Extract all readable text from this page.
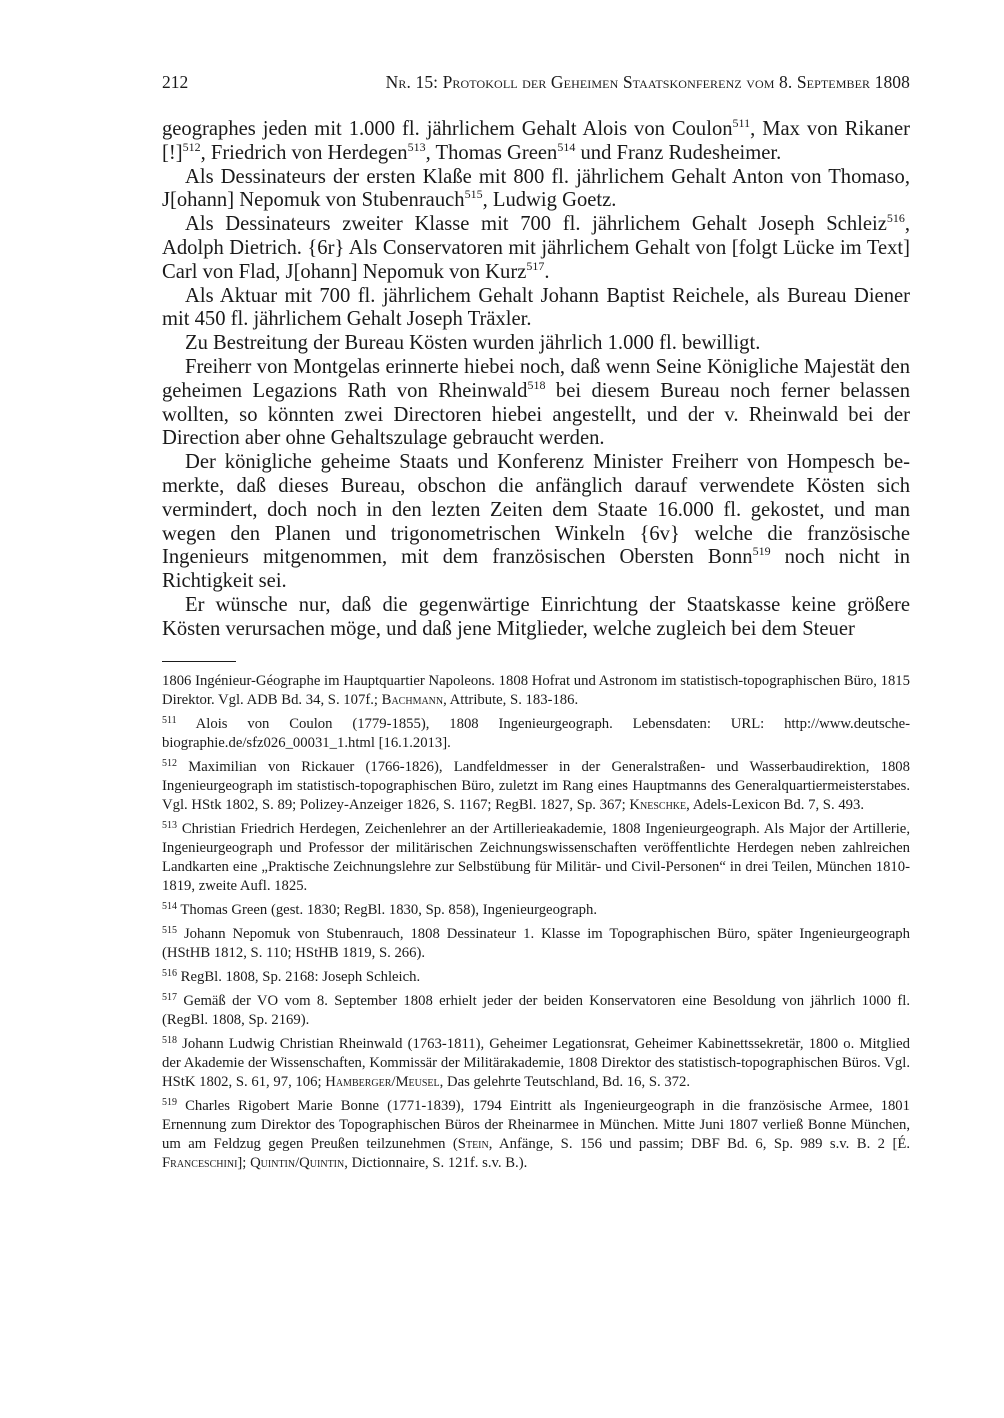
212	Nr. 15: Protokoll der Geheimen Staatskonferenz vom 8. September 1808

geographes jeden mit 1.000 fl. jährlichem Gehalt Alois von Coulon$^{511}$, Max von Rikaner [!]$^{512}$, Friedrich von Herdegen$^{513}$, Thomas Green$^{514}$ und Franz Rudesheimer.

Als Dessinateurs der ersten Klaße mit 800 fl. jährlichem Gehalt Anton von Thomaso, J[ohann] Nepomuk von Stubenrauch$^{515}$, Ludwig Goetz.

Als Dessinateurs zweiter Klasse mit 700 fl. jährlichem Gehalt Joseph Schleiz$^{516}$, Adolph Dietrich. {6r} Als Conservatoren mit jährlichem Gehalt von [folgt Lücke im Text] Carl von Flad, J[ohann] Nepomuk von Kurz$^{517}$.

Als Aktuar mit 700 fl. jährlichem Gehalt Johann Baptist Reichele, als Bureau Diener mit 450 fl. jährlichem Gehalt Joseph Träxler.

Zu Bestreitung der Bureau Kösten wurden jährlich 1.000 fl. bewilligt.

Freiherr von Montgelas erinnerte hiebei noch, daß wenn Seine Königliche Majestät den geheimen Legazions Rath von Rheinwald$^{518}$ bei diesem Bureau noch ferner belassen wollten, so könnten zwei Directoren hiebei angestellt, und der v. Rheinwald bei der Direction aber ohne Gehaltszulage gebraucht werden.

Der königliche geheime Staats und Konferenz Minister Freiherr von Hompesch bemerkte, daß dieses Bureau, obschon die anfänglich darauf verwendete Kösten sich vermindert, doch noch in den lezten Zeiten dem Staate 16.000 fl. gekostet, und man wegen den Planen und trigonometrischen Winkeln {6v} welche die französische Ingenieurs mitgenommen, mit dem französischen Obersten Bonn$^{519}$ noch nicht in Richtigkeit sei.

Er wünsche nur, daß die gegenwärtige Einrichtung der Staatskasse keine größere Kösten verursachen möge, und daß jene Mitglieder, welche zugleich bei dem Steuer

1806 Ingénieur-Géographe im Hauptquartier Napoleons. 1808 Hofrat und Astronom im statistisch-topographischen Büro, 1815 Direktor. Vgl. ADB Bd. 34, S. 107f.; Bachmann, Attribute, S. 183-186.

$^{511}$ Alois von Coulon (1779-1855), 1808 Ingenieurgeograph. Lebensdaten: URL: http://www.deutsche-biographie.de/sfz026_00031_1.html [16.1.2013].

$^{512}$ Maximilian von Rickauer (1766-1826), Landfeldmesser in der Generalstraßen- und Wasserbaudirektion, 1808 Ingenieurgeograph im statistisch-topographischen Büro, zuletzt im Rang eines Hauptmanns des Generalquartiermeisterstabes. Vgl. HStk 1802, S. 89; Polizey-Anzeiger 1826, S. 1167; RegBl. 1827, Sp. 367; Kneschke, Adels-Lexicon Bd. 7, S. 493.

$^{513}$ Christian Friedrich Herdegen, Zeichenlehrer an der Artillerieakademie, 1808 Ingenieurgeograph. Als Major der Artillerie, Ingenieurgeograph und Professor der militärischen Zeichnungswissenschaften veröffentlichte Herdegen neben zahlreichen Landkarten eine „Praktische Zeichnungslehre zur Selbstübung für Militär- und Civil-Personen“ in drei Teilen, München 1810-1819, zweite Aufl. 1825.

$^{514}$ Thomas Green (gest. 1830; RegBl. 1830, Sp. 858), Ingenieurgeograph.

$^{515}$ Johann Nepomuk von Stubenrauch, 1808 Dessinateur 1. Klasse im Topographischen Büro, später Ingenieurgeograph (HStHB 1812, S. 110; HStHB 1819, S. 266).

$^{516}$ RegBl. 1808, Sp. 2168: Joseph Schleich.

$^{517}$ Gemäß der VO vom 8. September 1808 erhielt jeder der beiden Konservatoren eine Besoldung von jährlich 1000 fl. (RegBl. 1808, Sp. 2169).

$^{518}$ Johann Ludwig Christian Rheinwald (1763-1811), Geheimer Legationsrat, Geheimer Kabinettssekretär, 1800 o. Mitglied der Akademie der Wissenschaften, Kommissär der Militärakademie, 1808 Direktor des statistisch-topographischen Büros. Vgl. HStK 1802, S. 61, 97, 106; Hamberger/Meusel, Das gelehrte Teutschland, Bd. 16, S. 372.

$^{519}$ Charles Rigobert Marie Bonne (1771-1839), 1794 Eintritt als Ingenieurgeograph in die französische Armee, 1801 Ernennung zum Direktor des Topographischen Büros der Rheinarmee in München. Mitte Juni 1807 verließ Bonne München, um am Feldzug gegen Preußen teilzunehmen (Stein, Anfänge, S. 156 und passim; DBF Bd. 6, Sp. 989 s.v. B. 2 [É. Franceschini]; Quintin/Quintin, Dictionnaire, S. 121f. s.v. B.).
